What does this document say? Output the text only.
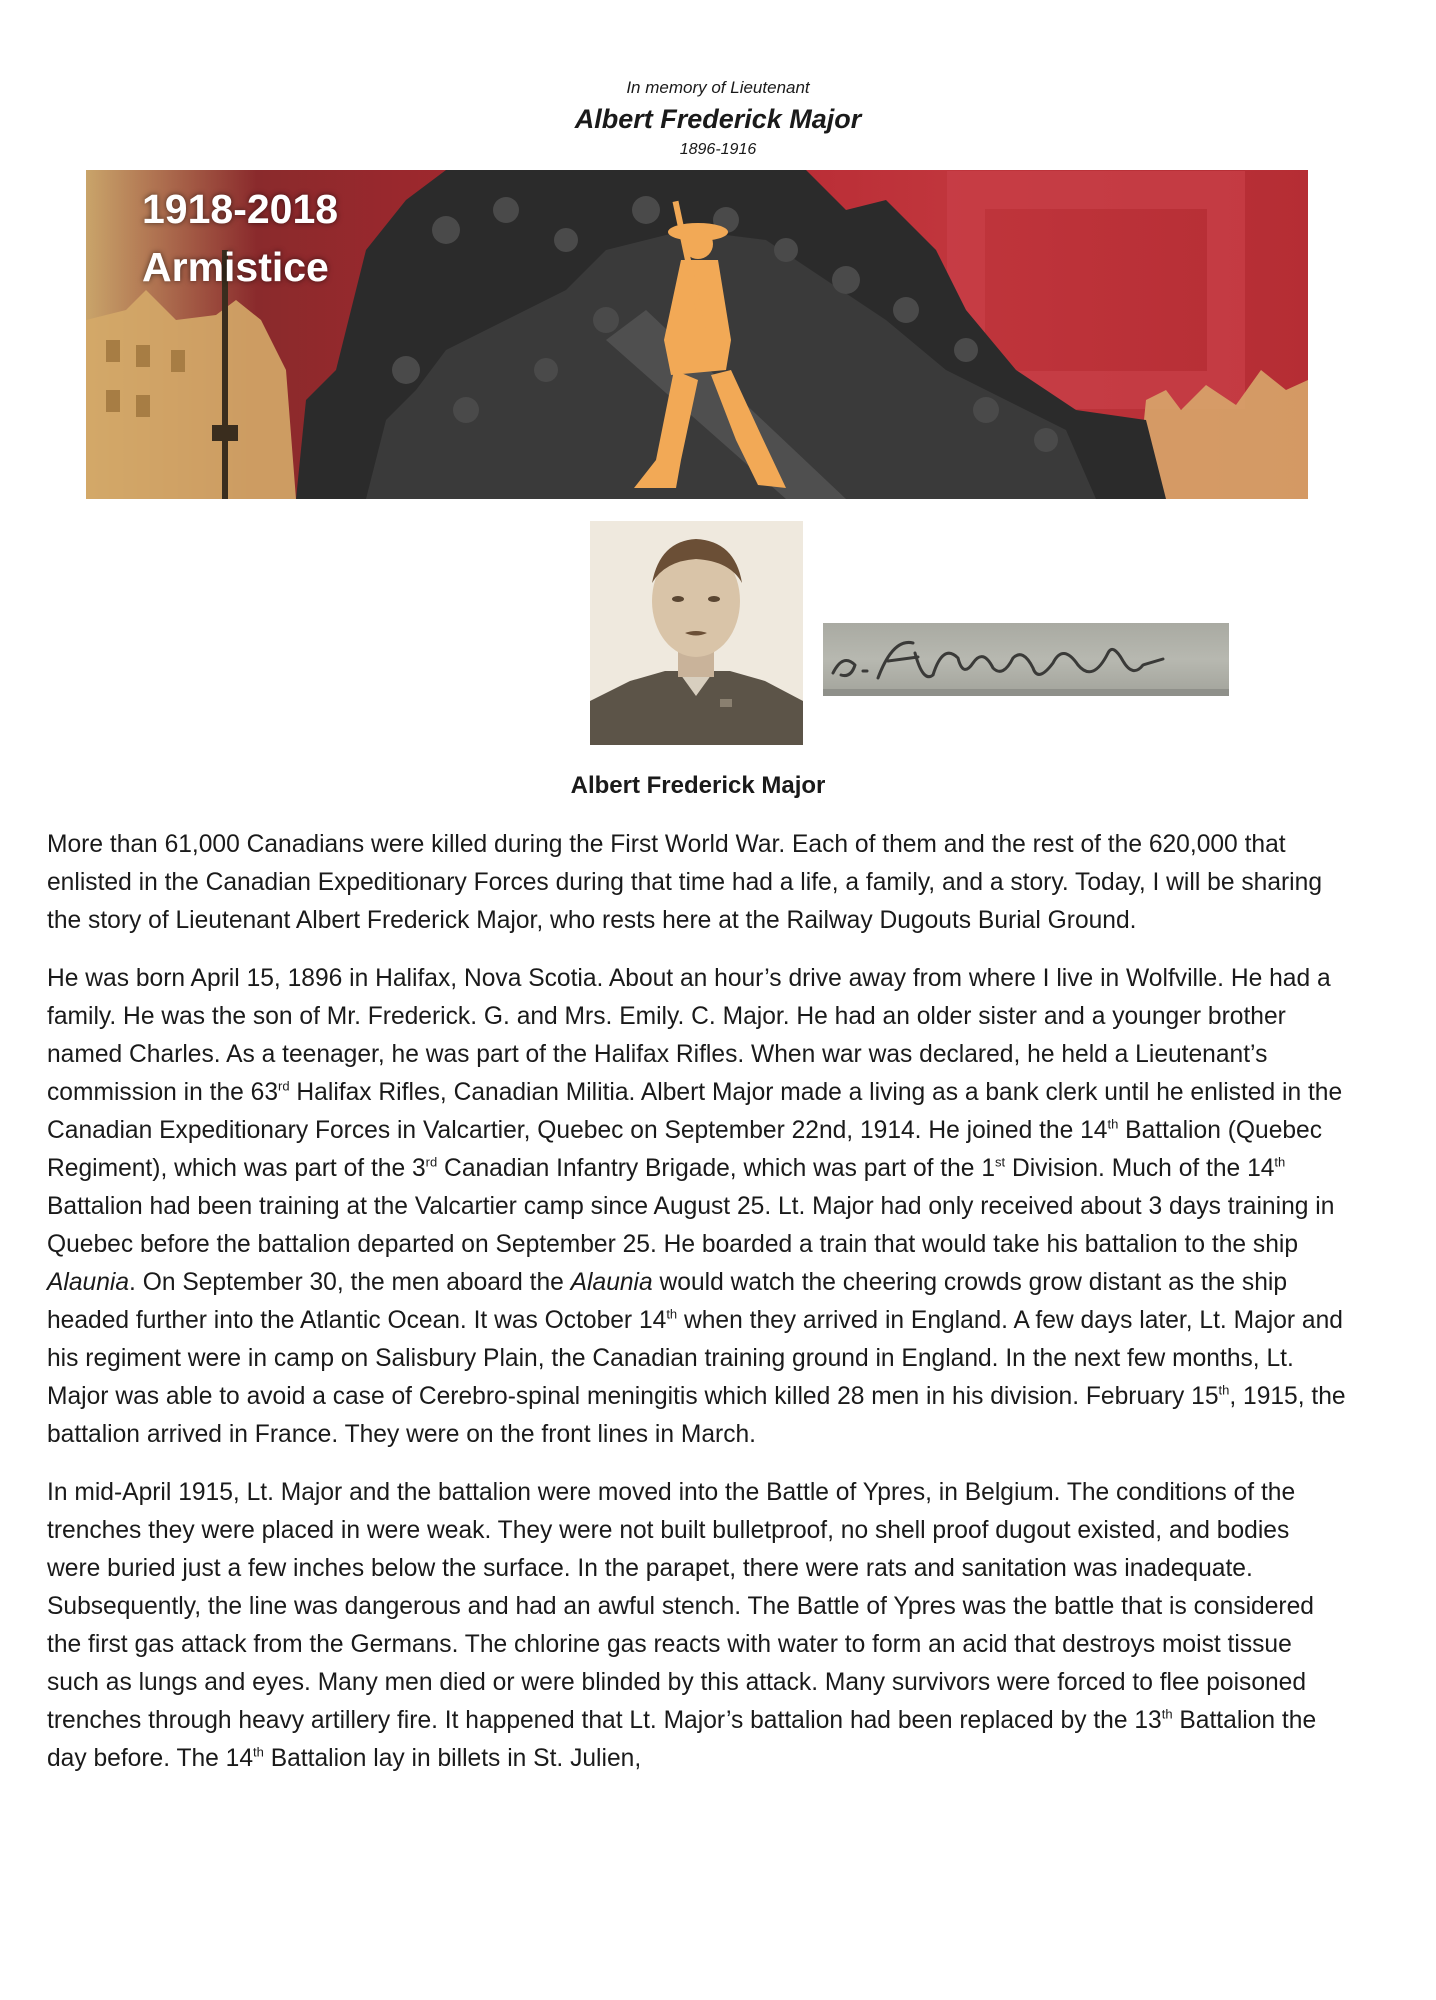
In memory of Lieutenant
Albert Frederick Major
1896-1916
1918-2018
Armistice
Albert Frederick Major

More than 61,000 Canadians were killed during the First World War. Each of them and the rest of the 620,000 that enlisted in the Canadian Expeditionary Forces during that time had a life, a family, and a story. Today, I will be sharing the story of Lieutenant Albert Frederick Major, who rests here at the Railway Dugouts Burial Ground.

He was born April 15, 1896 in Halifax, Nova Scotia. About an hour’s drive away from where I live in Wolfville. He had a family. He was the son of Mr. Frederick. G. and Mrs. Emily. C. Major. He had an older sister and a younger brother named Charles. As a teenager, he was part of the Halifax Rifles. When war was declared, he held a Lieutenant’s commission in the 63rd Halifax Rifles, Canadian Militia. Albert Major made a living as a bank clerk until he enlisted in the Canadian Expeditionary Forces in Valcartier, Quebec on September 22nd, 1914. He joined the 14th Battalion (Quebec Regiment), which was part of the 3rd Canadian Infantry Brigade, which was part of the 1st Division. Much of the 14th Battalion had been training at the Valcartier camp since August 25. Lt. Major had only received about 3 days training in Quebec before the battalion departed on September 25. He boarded a train that would take his battalion to the ship Alaunia. On September 30, the men aboard the Alaunia would watch the cheering crowds grow distant as the ship headed further into the Atlantic Ocean. It was October 14th when they arrived in England. A few days later, Lt. Major and his regiment were in camp on Salisbury Plain, the Canadian training ground in England. In the next few months, Lt. Major was able to avoid a case of Cerebro-spinal meningitis which killed 28 men in his division. February 15th, 1915, the battalion arrived in France. They were on the front lines in March.

In mid-April 1915, Lt. Major and the battalion were moved into the Battle of Ypres, in Belgium. The conditions of the trenches they were placed in were weak. They were not built bulletproof, no shell proof dugout existed, and bodies were buried just a few inches below the surface. In the parapet, there were rats and sanitation was inadequate. Subsequently, the line was dangerous and had an awful stench. The Battle of Ypres was the battle that is considered the first gas attack from the Germans. The chlorine gas reacts with water to form an acid that destroys moist tissue such as lungs and eyes. Many men died or were blinded by this attack. Many survivors were forced to flee poisoned trenches through heavy artillery fire. It happened that Lt. Major’s battalion had been replaced by the 13th Battalion the day before. The 14th Battalion lay in billets in St. Julien,
